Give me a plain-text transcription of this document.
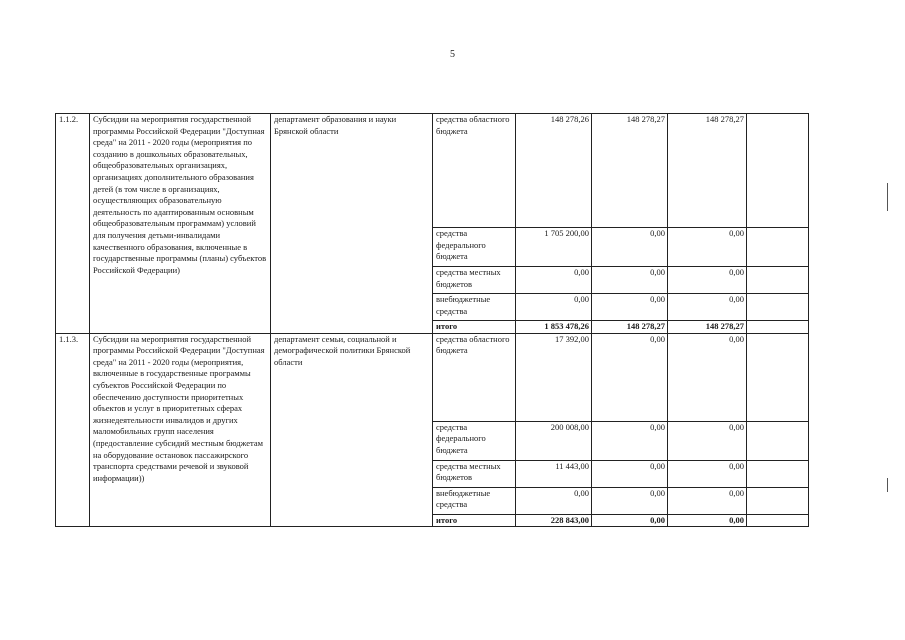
5
1.1.2.	Субсидии на мероприятия государственной программы Российской Федерации "Доступная среда" на 2011 - 2020 годы (мероприятия по созданию в дошкольных образовательных, общеобразовательных организациях, организациях дополнительного образования детей (в том числе в организациях, осуществляющих образовательную деятельность по адаптированным основным общеобразовательным программам) условий для получения детьми-инвалидами качественного образования, включенные в государственные программы (планы) субъектов Российской Федерации)	департамент образования и науки Брянской области	средства областного бюджета	148 278,26	148 278,27	148 278,27	
			средства федерального бюджета	1 705 200,00	0,00	0,00	
			средства местных бюджетов	0,00	0,00	0,00	
			внебюджетные средства	0,00	0,00	0,00	
			итого	1 853 478,26	148 278,27	148 278,27	
1.1.3.	Субсидии на мероприятия государственной программы Российской Федерации "Доступная среда" на 2011 - 2020 годы (мероприятия, включенные в государственные программы субъектов Российской Федерации по обеспечению доступности приоритетных объектов и услуг в приоритетных сферах жизнедеятельности инвалидов и других маломобильных групп населения (предоставление субсидий местным бюджетам на оборудование остановок пассажирского транспорта средствами речевой и звуковой информации))	департамент семьи, социальной и демографической политики Брянской области	средства областного бюджета	17 392,00	0,00	0,00	
			средства федерального бюджета	200 008,00	0,00	0,00	
			средства местных бюджетов	11 443,00	0,00	0,00	
			внебюджетные средства	0,00	0,00	0,00	
			итого	228 843,00	0,00	0,00	
